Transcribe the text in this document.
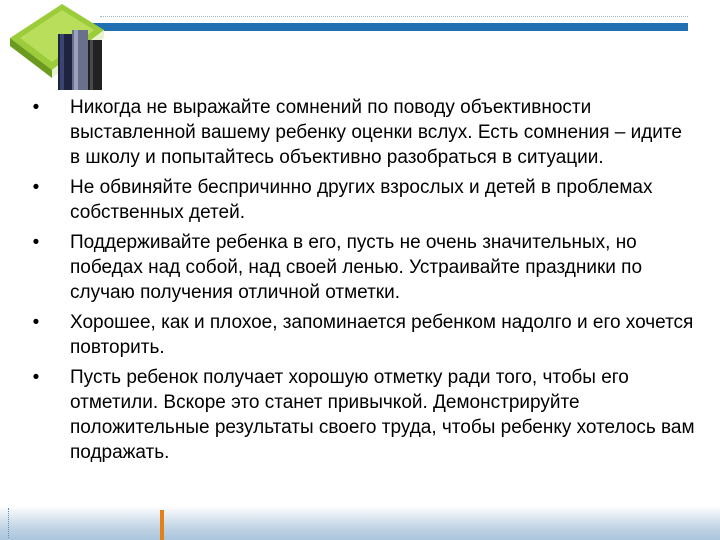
•	Никогда не выражайте сомнений по поводу объективности выставленной вашему ребенку оценки вслух. Есть сомнения – идите в школу и попытайтесь объективно разобраться в ситуации.
•	Не обвиняйте беспричинно других взрослых и детей в проблемах собственных детей.
•	Поддерживайте ребенка в его, пусть не очень значительных, но победах над собой, над своей ленью. Устраивайте праздники по случаю получения отличной отметки.
•	Хорошее, как и плохое, запоминается ребенком надолго и его хочется повторить.
•	Пусть ребенок получает хорошую отметку ради того, чтобы его отметили. Вскоре это станет привычкой. Демонстрируйте положительные результаты своего труда, чтобы ребенку хотелось вам подражать.
